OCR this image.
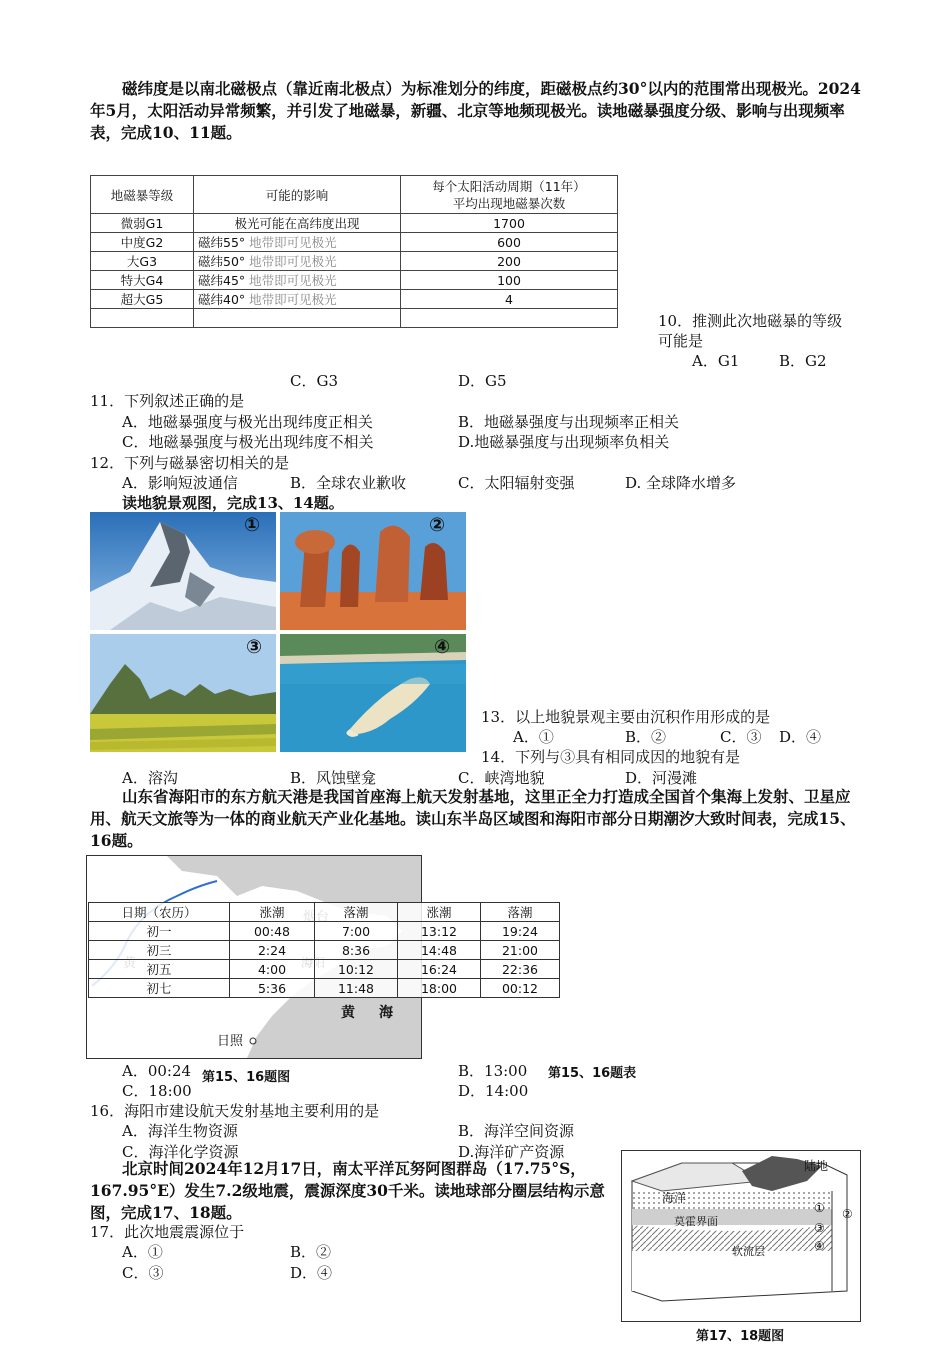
磁纬度是以南北磁极点（靠近南北极点）为标准划分的纬度，距磁极点约30°以内的范围常出现极光。2024年5月，太阳活动异常频繁，并引发了地磁暴，新疆、北京等地频现极光。读地磁暴强度分级、影响与出现频率表，完成10、11题。
地磁暴等级	可能的影响	每个太阳活动周期（11年）
平均出现地磁暴次数

微弱G1	极光可能在高纬度出现	1700
中度G2	磁纬55° 地带即可见极光	600
大G3	磁纬50° 地带即可见极光	200
特大G4	磁纬45° 地带即可见极光	100
超大G5	磁纬40° 地带即可见极光	4

10．推测此次地磁暴的等级
可能是
A．G1	B．G2
C．G3	D．G5
11．下列叙述正确的是
A．地磁暴强度与极光出现纬度正相关	B．地磁暴强度与出现频率正相关
C．地磁暴强度与极光出现纬度不相关	D.地磁暴强度与出现频率负相关
12．下列与磁暴密切相关的是
A．影响短波通信	B．全球农业歉收	C．太阳辐射变强	D. 全球降水增多
读地貌景观图，完成13、14题。
①	②
③	④
13．以上地貌景观主要由沉积作用形成的是
A．①	B．②	C．③ D．④
14．下列与③具有相同成因的地貌有是
A．溶沟	B．风蚀壁龛	C．峡湾地貌	D．河漫滩
山东省海阳市的东方航天港是我国首座海上航天发射基地，这里正全力打造成全国首个集海上发射、卫星应用、航天文旅等为一体的商业航天产业化基地。读山东半岛区域图和海阳市部分日期潮汐大致时间表，完成15、16题。
黄 海
日照
日期（农历）	涨潮	落潮	涨潮	落潮
初一	00:48	7:00	13:12	19:24
初三	2:24	8:36	14:48	21:00
初五	4:00	10:12	16:24	22:36
初七	5:36	11:48	18:00	00:12
A．00:24 第15、16题图	B．13:00 第15、16题表
C．18:00	D．14:00
16．海阳市建设航天发射基地主要利用的是
A．海洋生物资源	B．海洋空间资源
C．海洋化学资源	D.海洋矿产资源
北京时间2024年12月17日，南太平洋瓦努阿图群岛（17.75°S，167.95°E）发生7.2级地震，震源深度30千米。读地球部分圈层结构示意图，完成17、18题。
17．此次地震震源位于
A．①	B．②
C．③	D．④
陆地
海洋
莫霍界面
软流层
① ②
③
④
第17、18题图
